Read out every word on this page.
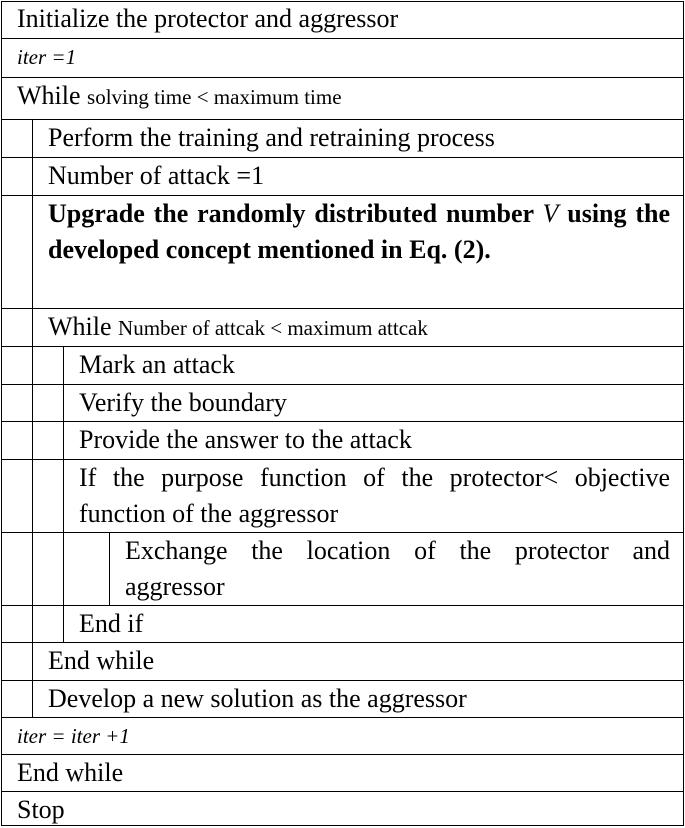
Initialize the protector and aggressor
iter =1
While solving time < maximum time
Perform the training and retraining process
Number of attack =1
Upgrade the randomly distributed number V using the developed concept mentioned in Eq. (2).
While Number of attcak < maximum attcak
Mark an attack
Verify the boundary
Provide the answer to the attack
If the purpose function of the protector< objective function of the aggressor
Exchange the location of the protector and aggressor
End if
End while
Develop a new solution as the aggressor
iter = iter +1
End while
Stop
